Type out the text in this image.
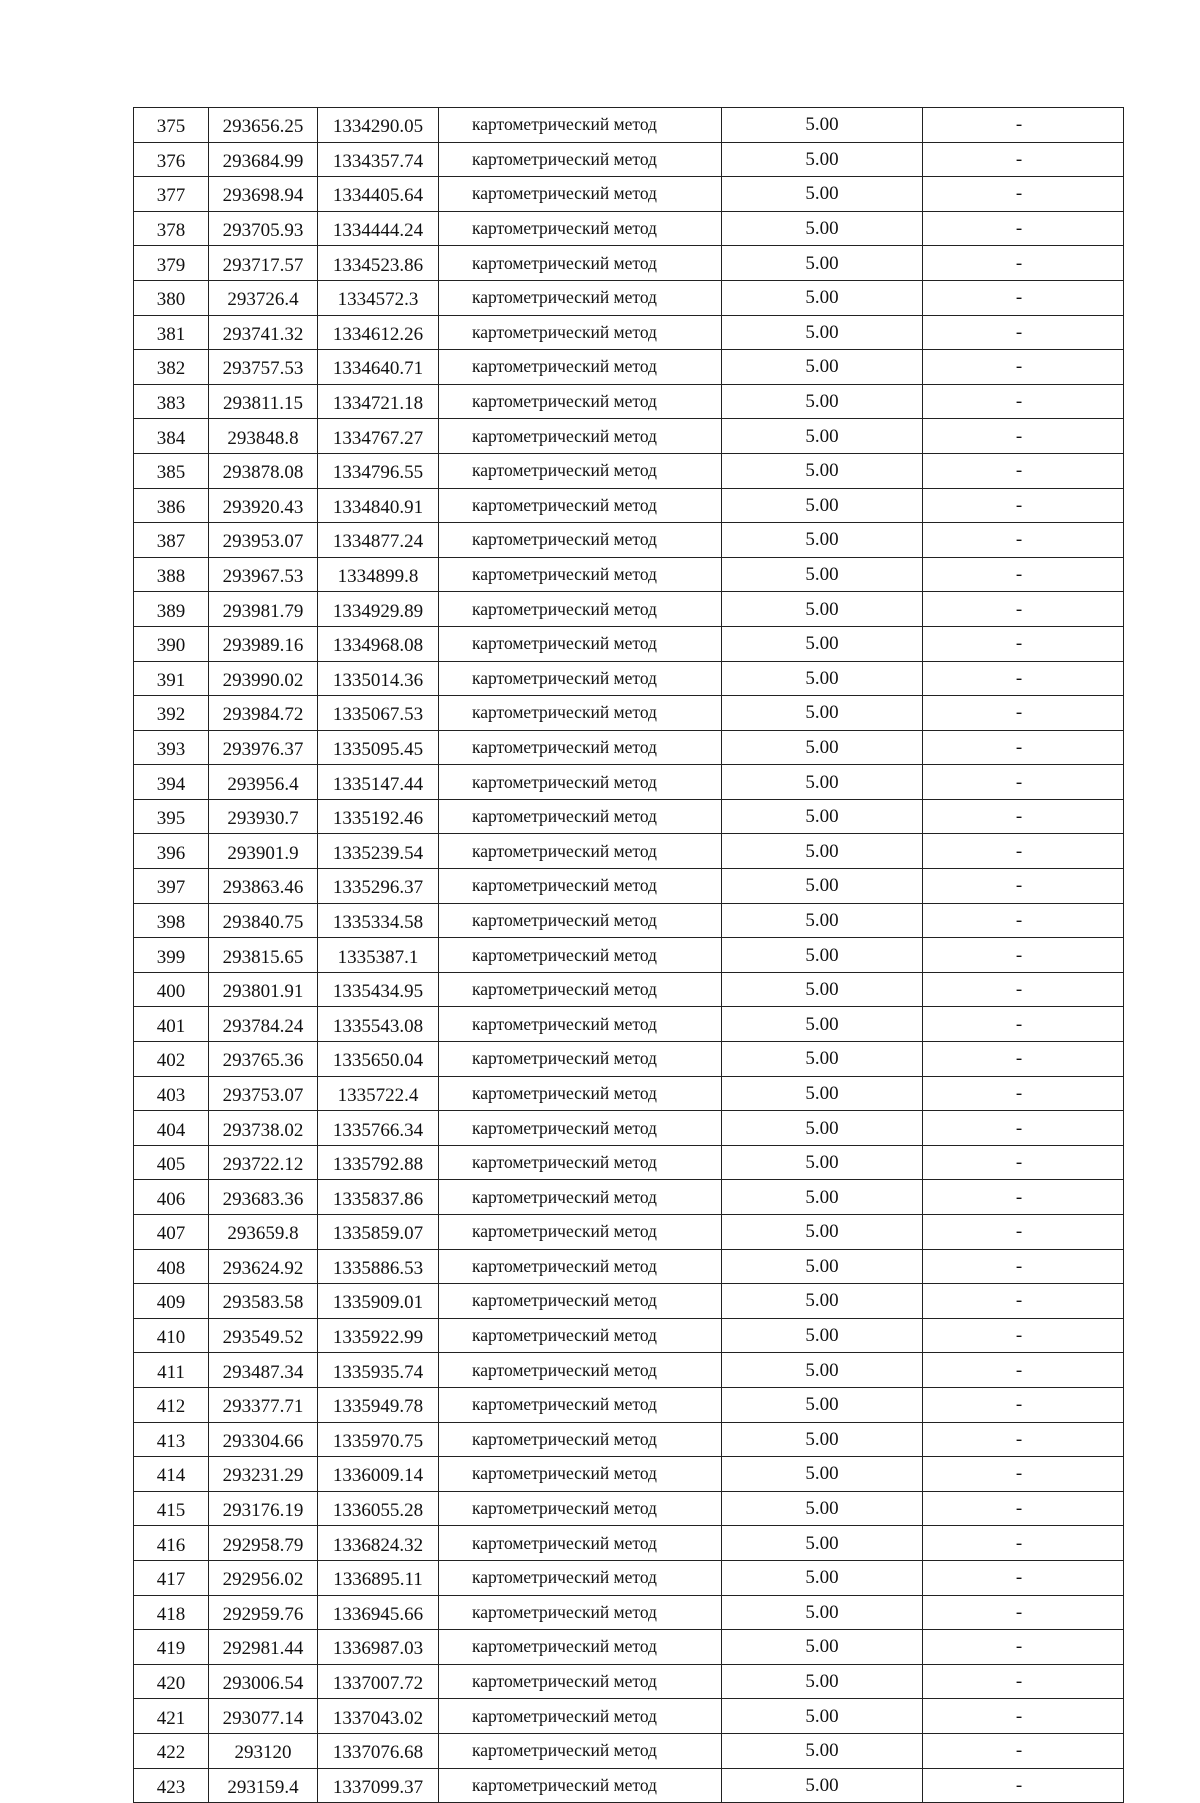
375	293656.25	1334290.05	картометрический метод	5.00	-
376	293684.99	1334357.74	картометрический метод	5.00	-
377	293698.94	1334405.64	картометрический метод	5.00	-
378	293705.93	1334444.24	картометрический метод	5.00	-
379	293717.57	1334523.86	картометрический метод	5.00	-
380	293726.4	1334572.3	картометрический метод	5.00	-
381	293741.32	1334612.26	картометрический метод	5.00	-
382	293757.53	1334640.71	картометрический метод	5.00	-
383	293811.15	1334721.18	картометрический метод	5.00	-
384	293848.8	1334767.27	картометрический метод	5.00	-
385	293878.08	1334796.55	картометрический метод	5.00	-
386	293920.43	1334840.91	картометрический метод	5.00	-
387	293953.07	1334877.24	картометрический метод	5.00	-
388	293967.53	1334899.8	картометрический метод	5.00	-
389	293981.79	1334929.89	картометрический метод	5.00	-
390	293989.16	1334968.08	картометрический метод	5.00	-
391	293990.02	1335014.36	картометрический метод	5.00	-
392	293984.72	1335067.53	картометрический метод	5.00	-
393	293976.37	1335095.45	картометрический метод	5.00	-
394	293956.4	1335147.44	картометрический метод	5.00	-
395	293930.7	1335192.46	картометрический метод	5.00	-
396	293901.9	1335239.54	картометрический метод	5.00	-
397	293863.46	1335296.37	картометрический метод	5.00	-
398	293840.75	1335334.58	картометрический метод	5.00	-
399	293815.65	1335387.1	картометрический метод	5.00	-
400	293801.91	1335434.95	картометрический метод	5.00	-
401	293784.24	1335543.08	картометрический метод	5.00	-
402	293765.36	1335650.04	картометрический метод	5.00	-
403	293753.07	1335722.4	картометрический метод	5.00	-
404	293738.02	1335766.34	картометрический метод	5.00	-
405	293722.12	1335792.88	картометрический метод	5.00	-
406	293683.36	1335837.86	картометрический метод	5.00	-
407	293659.8	1335859.07	картометрический метод	5.00	-
408	293624.92	1335886.53	картометрический метод	5.00	-
409	293583.58	1335909.01	картометрический метод	5.00	-
410	293549.52	1335922.99	картометрический метод	5.00	-
411	293487.34	1335935.74	картометрический метод	5.00	-
412	293377.71	1335949.78	картометрический метод	5.00	-
413	293304.66	1335970.75	картометрический метод	5.00	-
414	293231.29	1336009.14	картометрический метод	5.00	-
415	293176.19	1336055.28	картометрический метод	5.00	-
416	292958.79	1336824.32	картометрический метод	5.00	-
417	292956.02	1336895.11	картометрический метод	5.00	-
418	292959.76	1336945.66	картометрический метод	5.00	-
419	292981.44	1336987.03	картометрический метод	5.00	-
420	293006.54	1337007.72	картометрический метод	5.00	-
421	293077.14	1337043.02	картометрический метод	5.00	-
422	293120	1337076.68	картометрический метод	5.00	-
423	293159.4	1337099.37	картометрический метод	5.00	-
